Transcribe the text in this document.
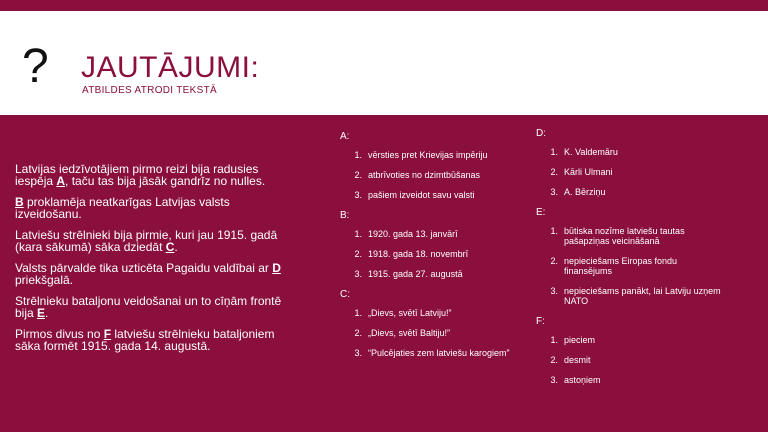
? JAUTĀJUMI:
ATBILDES ATRODI TEKSTĀ

Latvijas iedzīvotājiem pirmo reizi bija radusies iespēja A, taču tas bija jāsāk gandrīz no nulles.

B proklamēja neatkarīgas Latvijas valsts izveidošanu.

Latviešu strēlnieki bija pirmie, kuri jau 1915. gadā (kara sākumā) sāka dziedāt C.

Valsts pārvalde tika uzticēta Pagaidu valdībai ar D priekšgalā.

Strēlnieku bataljonu veidošanai un to cīņām frontē bija E.

Pirmos divus no F latviešu strēlnieku bataljoniem sāka formēt 1915. gada 14. augustā.

A:
1. vērsties pret Krievijas impēriju
2. atbrīvoties no dzimtbūšanas
3. pašiem izveidot savu valsti
B:
1. 1920. gada 13. janvārī
2. 1918. gada 18. novembrī
3. 1915. gada 27. augustā
C:
1. „Dievs, svētī Latviju!”
2. „Dievs, svētī Baltiju!”
3. “Pulcējaties zem latviešu karogiem”
D:
1. K. Valdemāru
2. Kārli Ulmani
3. A. Bērziņu
E:
1. būtiska nozīme latviešu tautas pašapziņas veicināšanā
2. nepieciešams Eiropas fondu finansējums
3. nepieciešams panākt, lai Latviju uzņem NATO
F:
1. pieciem
2. desmit
3. astoņiem
